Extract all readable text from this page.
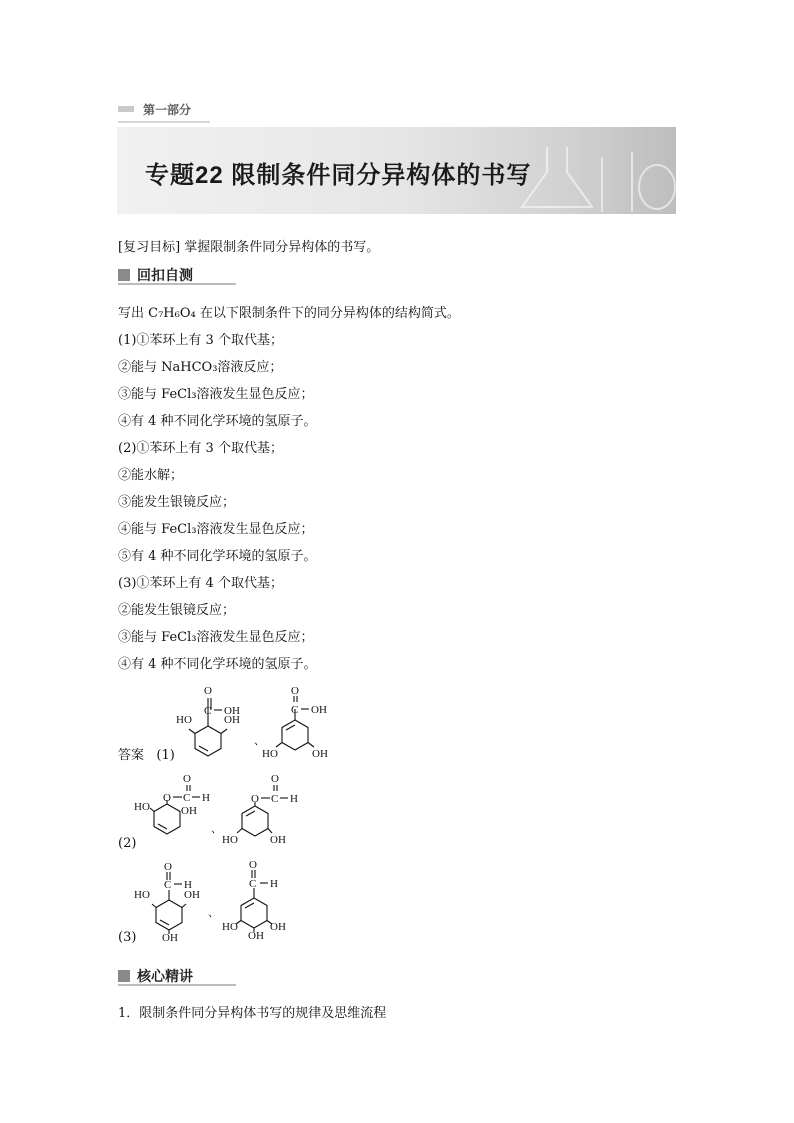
第一部分
专题22 限制条件同分异构体的书写
[复习目标] 掌握限制条件同分异构体的书写。
回扣自测
写出 C₇H₆O₄ 在以下限制条件下的同分异构体的结构简式。
(1)①苯环上有 3 个取代基；
②能与 NaHCO₃溶液反应；
③能与 FeCl₃溶液发生显色反应；
④有 4 种不同化学环境的氢原子。
(2)①苯环上有 3 个取代基；
②能水解；
③能发生银镜反应；
④能与 FeCl₃溶液发生显色反应；
⑤有 4 种不同化学环境的氢原子。
(3)①苯环上有 4 个取代基；
②能发生银镜反应；
③能与 FeCl₃溶液发生显色反应；
④有 4 种不同化学环境的氢原子。
答案 (1)
(2)
(3)
O
C OH
HO	OH
、
O
C OH
HO	OH
O
O
C H
HO	OH
、
O
O
C H
HO	OH
O
C H
HO	OH
OH
、
O
C H
HO	OH
OH
核心精讲
1．限制条件同分异构体书写的规律及思维流程
